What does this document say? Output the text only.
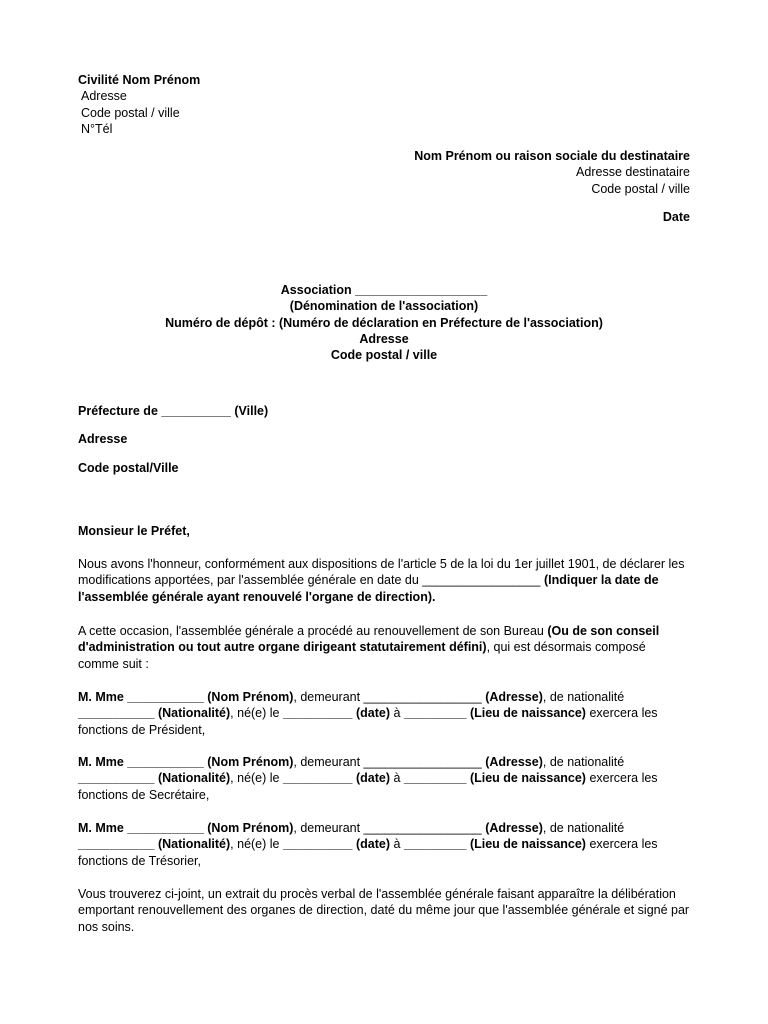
Civilité Nom Prénom
Adresse
Code postal / ville
N°Tél
Nom Prénom ou raison sociale du destinataire
Adresse destinataire
Code postal / ville
Date
Association ___________________
(Dénomination de l'association)
Numéro de dépôt : (Numéro de déclaration en Préfecture de l'association)
Adresse
Code postal / ville
Préfecture de __________ (Ville)
Adresse
Code postal/Ville
Monsieur le Préfet,

Nous avons l'honneur, conformément aux dispositions de l'article 5 de la loi du 1er juillet 1901, de déclarer les modifications apportées, par l'assemblée générale en date du _________________ (Indiquer la date de l'assemblée générale ayant renouvelé l'organe de direction).

A cette occasion, l'assemblée générale a procédé au renouvellement de son Bureau (Ou de son conseil d'administration ou tout autre organe dirigeant statutairement défini), qui est désormais composé comme suit :

M. Mme ___________ (Nom Prénom), demeurant _________________ (Adresse), de nationalité ___________ (Nationalité), né(e) le __________ (date) à _________ (Lieu de naissance) exercera les fonctions de Président,

M. Mme ___________ (Nom Prénom), demeurant _________________ (Adresse), de nationalité ___________ (Nationalité), né(e) le __________ (date) à _________ (Lieu de naissance) exercera les fonctions de Secrétaire,

M. Mme ___________ (Nom Prénom), demeurant _________________ (Adresse), de nationalité ___________ (Nationalité), né(e) le __________ (date) à _________ (Lieu de naissance) exercera les fonctions de Trésorier,

Vous trouverez ci-joint, un extrait du procès verbal de l'assemblée générale faisant apparaître la délibération emportant renouvellement des organes de direction, daté du même jour que l'assemblée générale et signé par nos soins.
